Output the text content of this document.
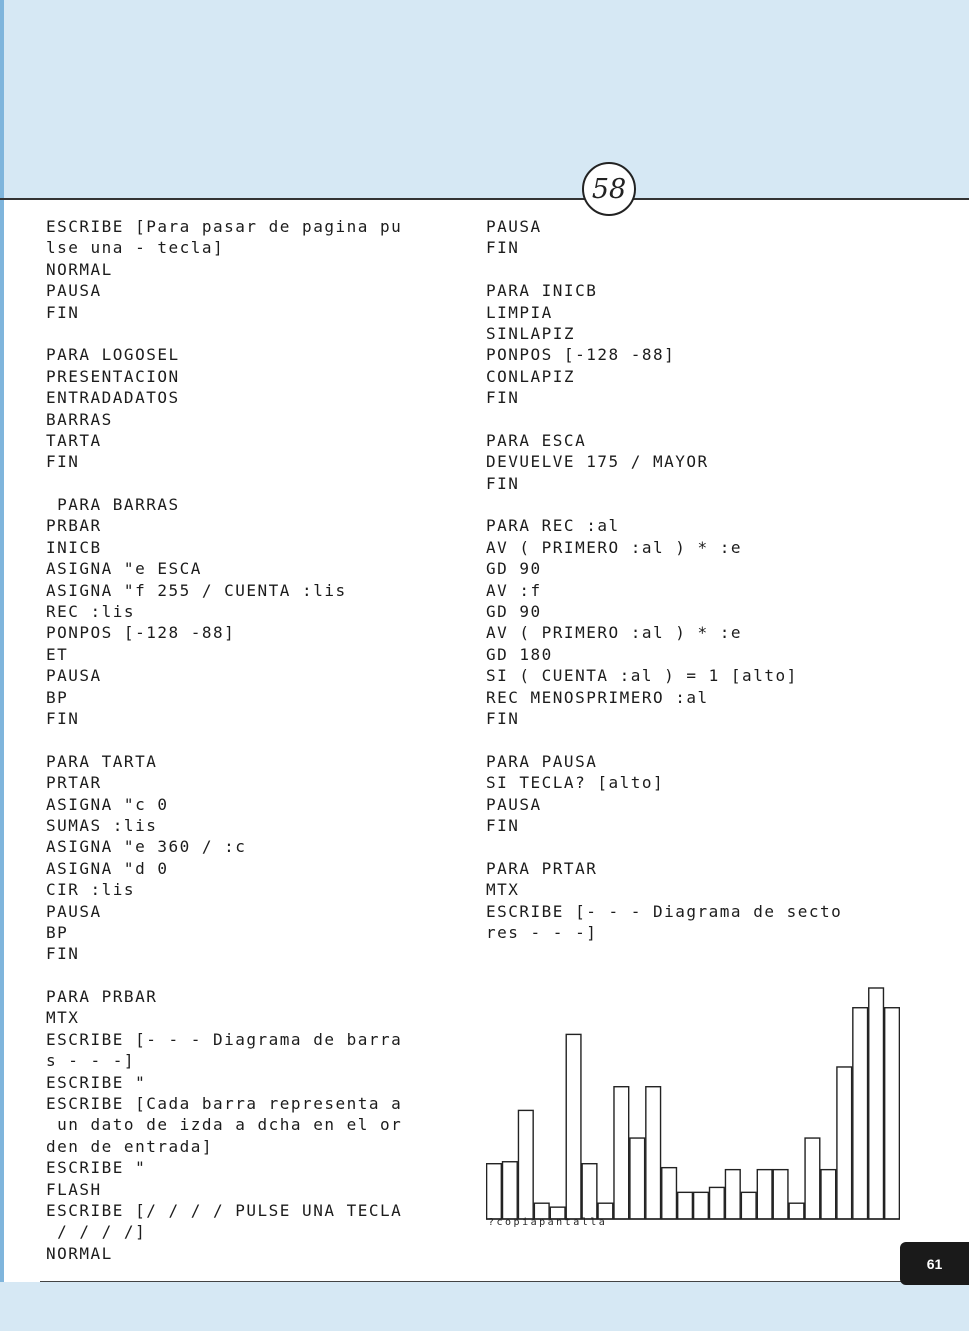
58
ESCRIBE [Para pasar de pagina pu
lse una - tecla]
NORMAL
PAUSA
FIN
PARA LOGOSEL
PRESENTACION
ENTRADADATOS
BARRAS
TARTA
FIN
PARA BARRAS
PRBAR
INICB
ASIGNA "e ESCA
ASIGNA "f 255 / CUENTA :lis
REC :lis
PONPOS [-128 -88]
ET
PAUSA
BP
FIN
PARA TARTA
PRTAR
ASIGNA "c 0
SUMAS :lis
ASIGNA "e 360 / :c
ASIGNA "d 0
CIR :lis
PAUSA
BP
FIN
PARA PRBAR
MTX
ESCRIBE [- - - Diagrama de barra
s - - -]
ESCRIBE "
ESCRIBE [Cada barra representa a
un dato de izda a dcha en el or
den de entrada]
ESCRIBE "
FLASH
ESCRIBE [/ / / / PULSE UNA TECLA
/ / / /]
NORMAL
PAUSA
FIN
PARA INICB
LIMPIA
SINLAPIZ
PONPOS [-128 -88]
CONLAPIZ
FIN
PARA ESCA
DEVUELVE 175 / MAYOR
FIN
PARA REC :al
AV ( PRIMERO :al ) * :e
GD 90
AV :f
GD 90
AV ( PRIMERO :al ) * :e
GD 180
SI ( CUENTA :al ) = 1 [alto]
REC MENOSPRIMERO :al
FIN
PARA PAUSA
SI TECLA? [alto]
PAUSA
FIN
PARA PRTAR
MTX
ESCRIBE [- - - Diagrama de secto
res - - -]
?copiapantalla
61
